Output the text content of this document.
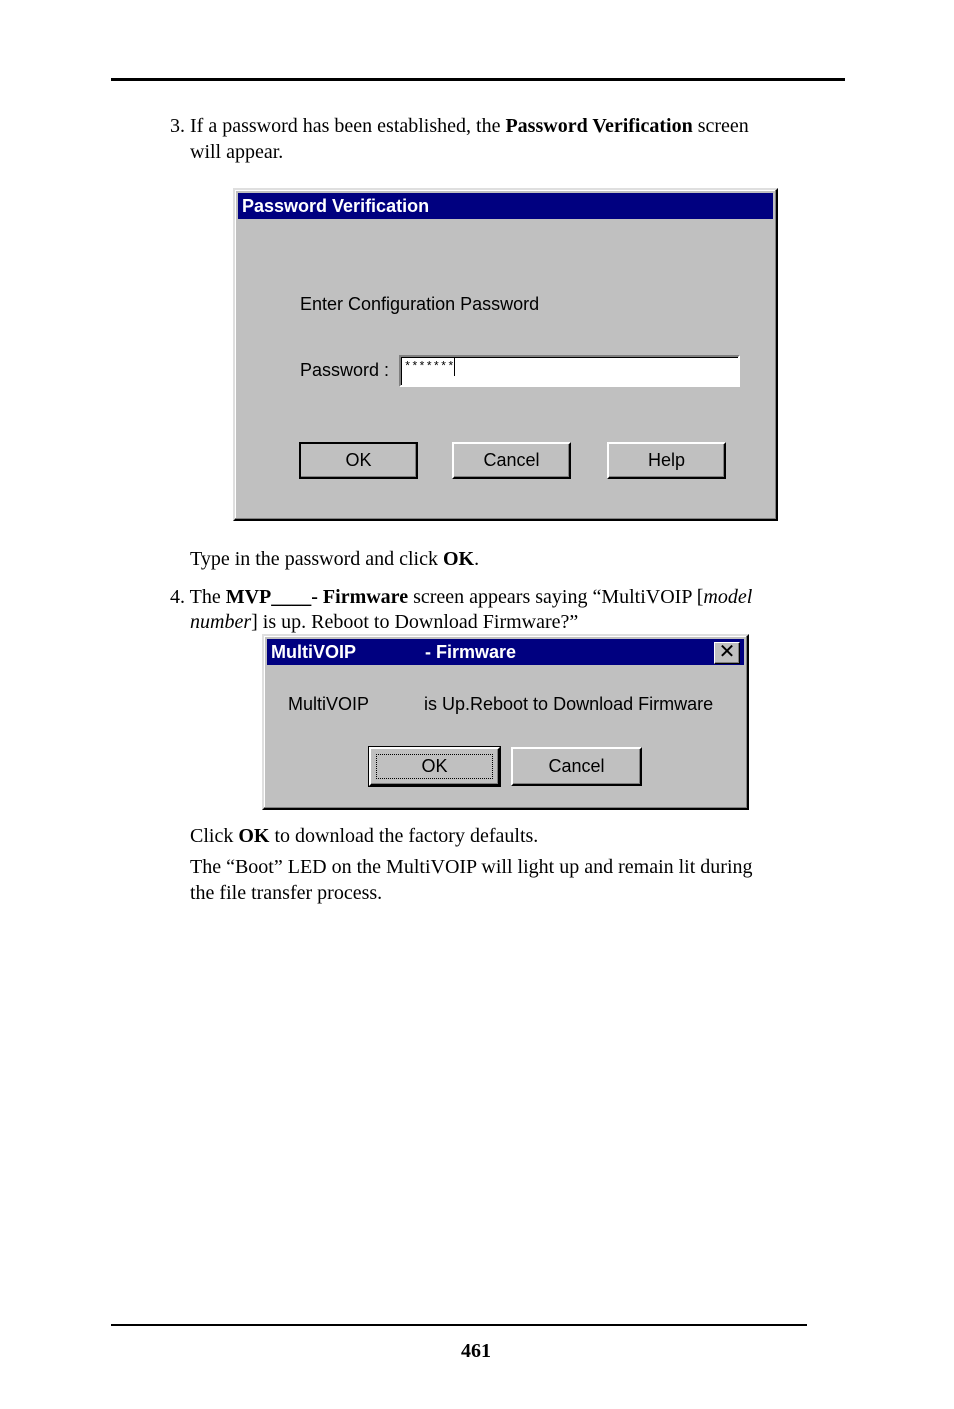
3. If a password has been established, the Password Verification screen

will appear.

Password Verification
Enter Configuration Password
Password :	*******
OK	Cancel	Help

Type in the password and click OK.

4. The MVP____- Firmware screen appears saying “MultiVOIP [model

number] is up. Reboot to Download Firmware?”

MultiVOIP	- Firmware	✕
MultiVOIP	is Up.Reboot to Download Firmware
OK	Cancel

Click OK to download the factory defaults.

The “Boot” LED on the MultiVOIP will light up and remain lit during

the file transfer process.

461
